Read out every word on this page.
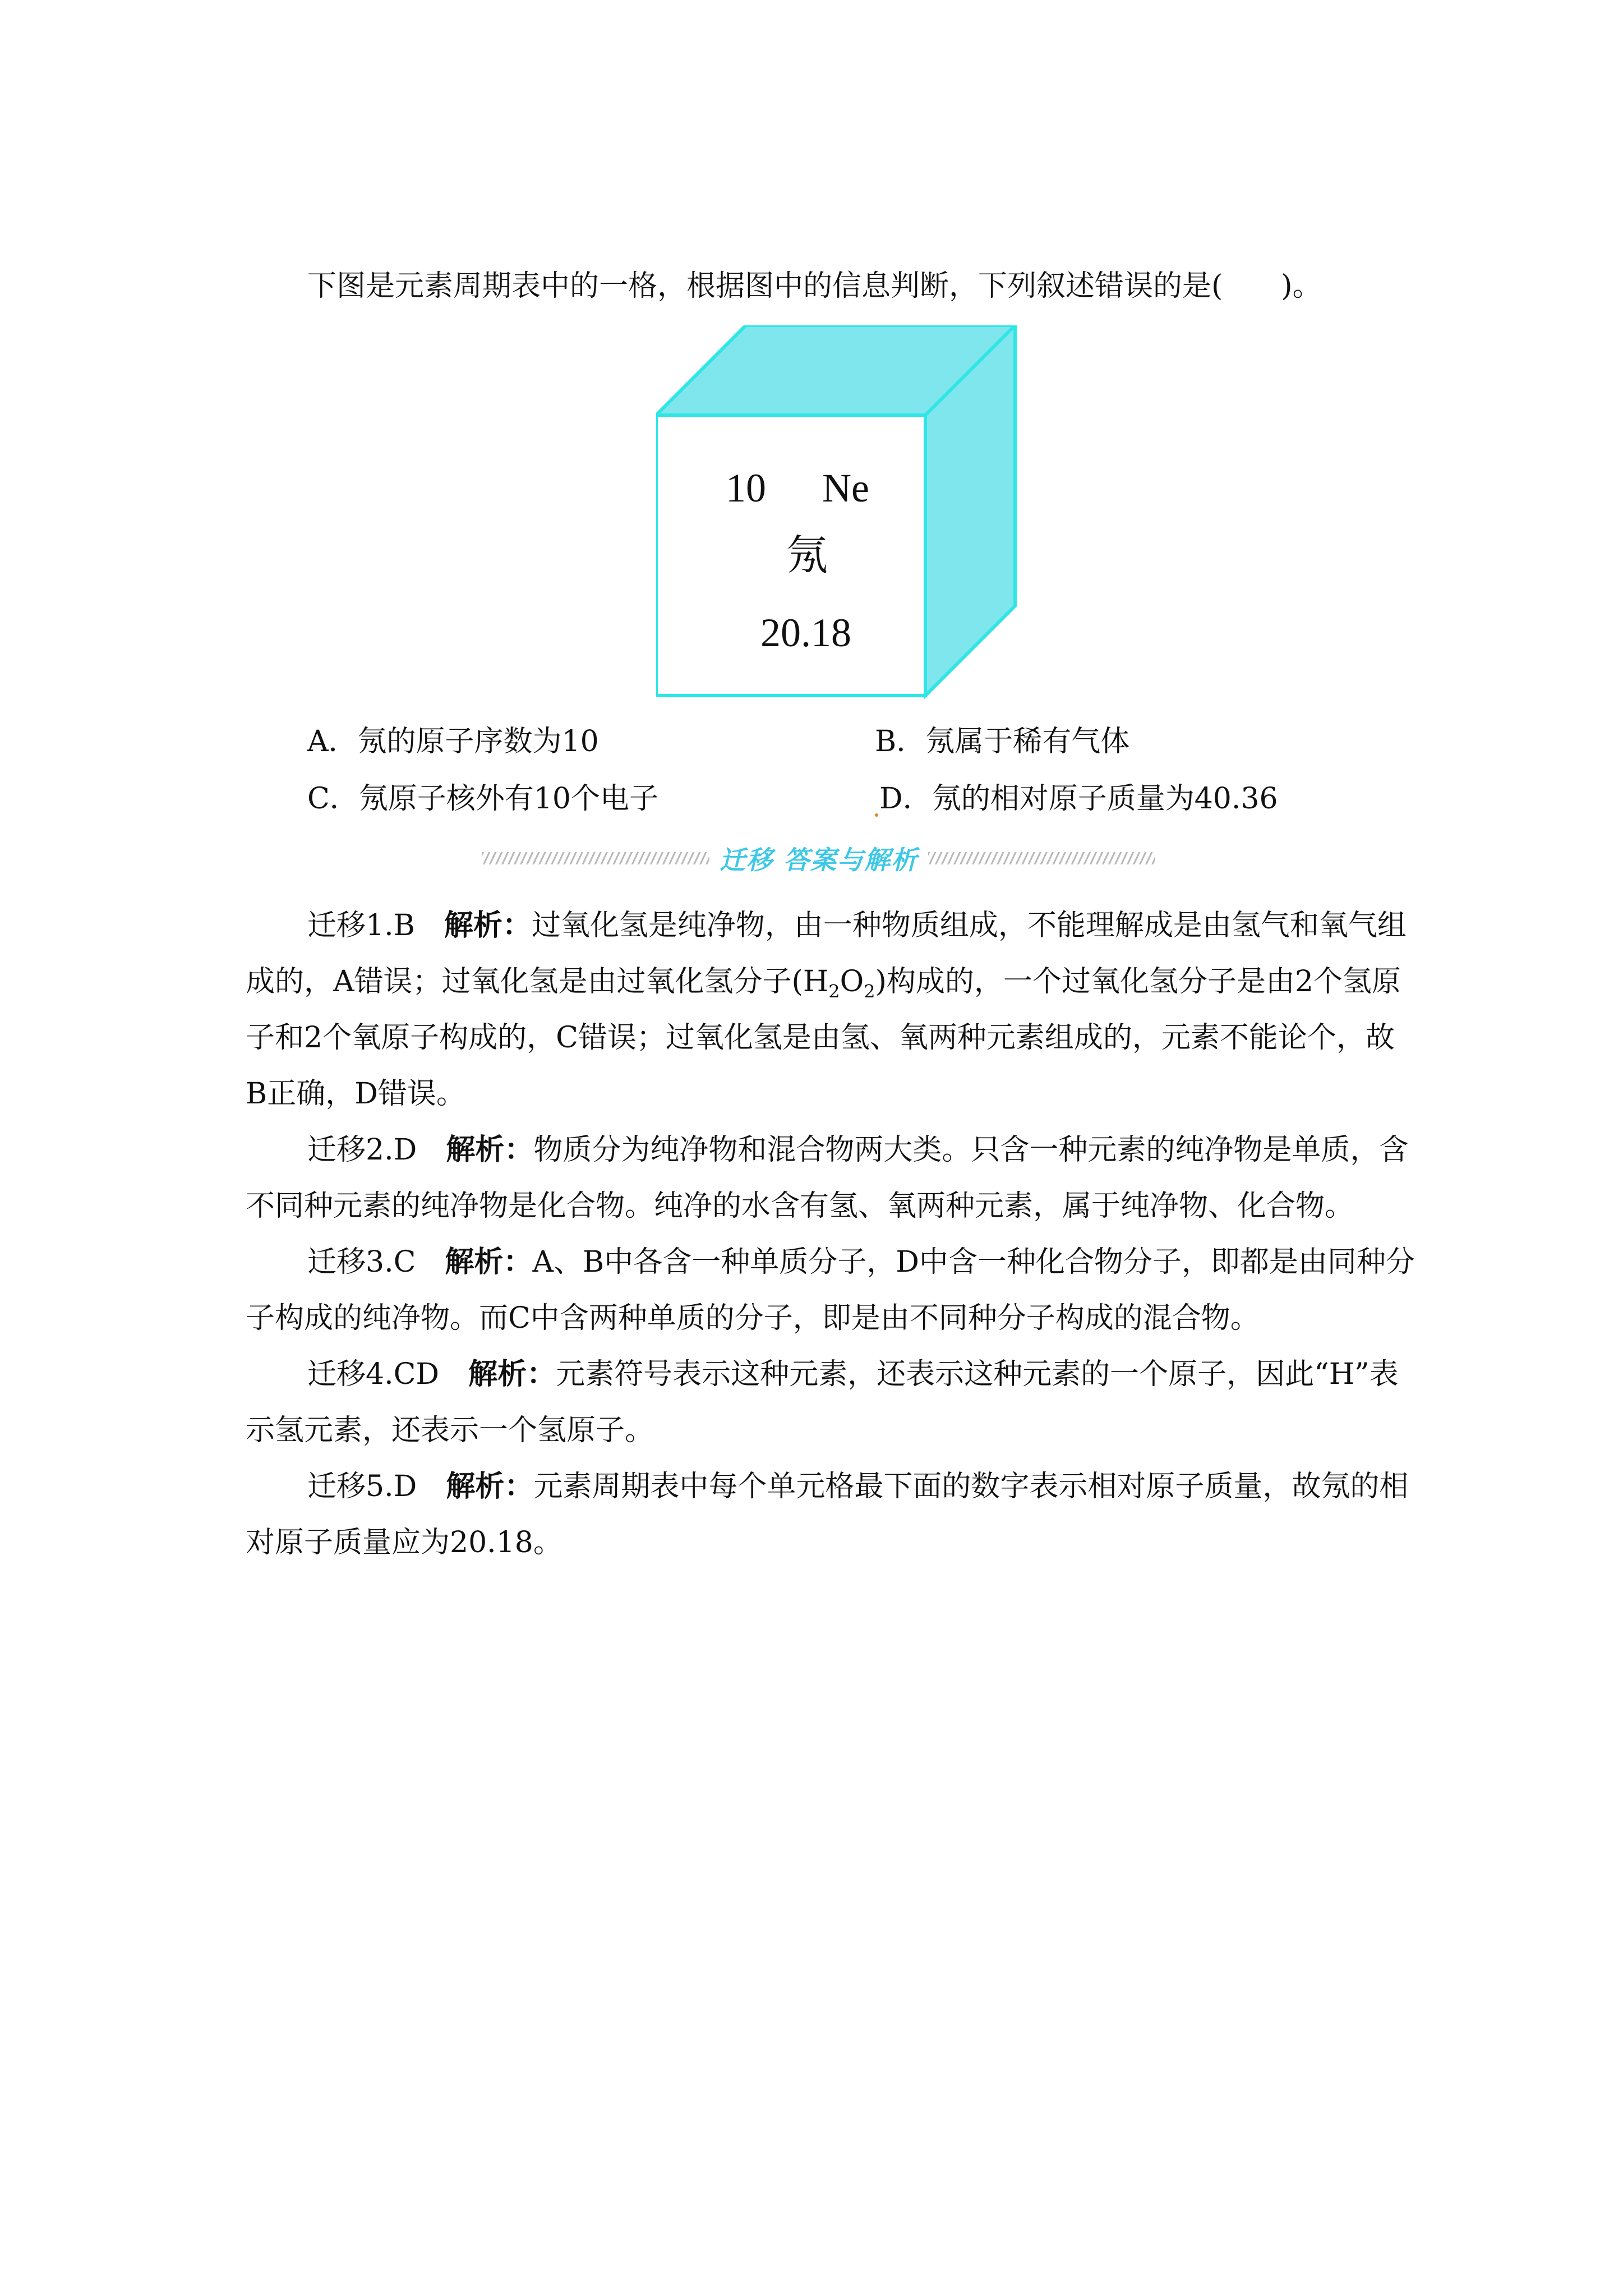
下图是元素周期表中的一格，根据图中的信息判断，下列叙述错误的是(　　)。
10 Ne
氖
20.18
A．氖的原子序数为10	B．氖属于稀有气体
C．氖原子核外有10个电子	D．氖的相对原子质量为40.36
迁移 答案与解析
迁移1.B　 解析：过氧化氢是纯净物，由一种物质组成，不能理解成是由氢气和氧气组
成的，A错误；过氧化氢是由过氧化氢分子$(H_2O_2)$构成的，一个过氧化氢分子是由2个氢原
子和2个氧原子构成的，C错误；过氧化氢是由氢、氧两种元素组成的，元素不能论个，故
B正确，D错误。
迁移2.D　 解析：物质分为纯净物和混合物两大类。只含一种元素的纯净物是单质，含
不同种元素的纯净物是化合物。纯净的水含有氢、氧两种元素，属于纯净物、化合物。
迁移3.C　 解析：A、B中各含一种单质分子，D中含一种化合物分子，即都是由同种分
子构成的纯净物。而C中含两种单质的分子，即是由不同种分子构成的混合物。
迁移4.CD　 解析：元素符号表示这种元素，还表示这种元素的一个原子，因此“H”表
示氢元素，还表示一个氢原子。
迁移5.D　 解析：元素周期表中每个单元格最下面的数字表示相对原子质量，故氖的相
对原子质量应为20.18。
